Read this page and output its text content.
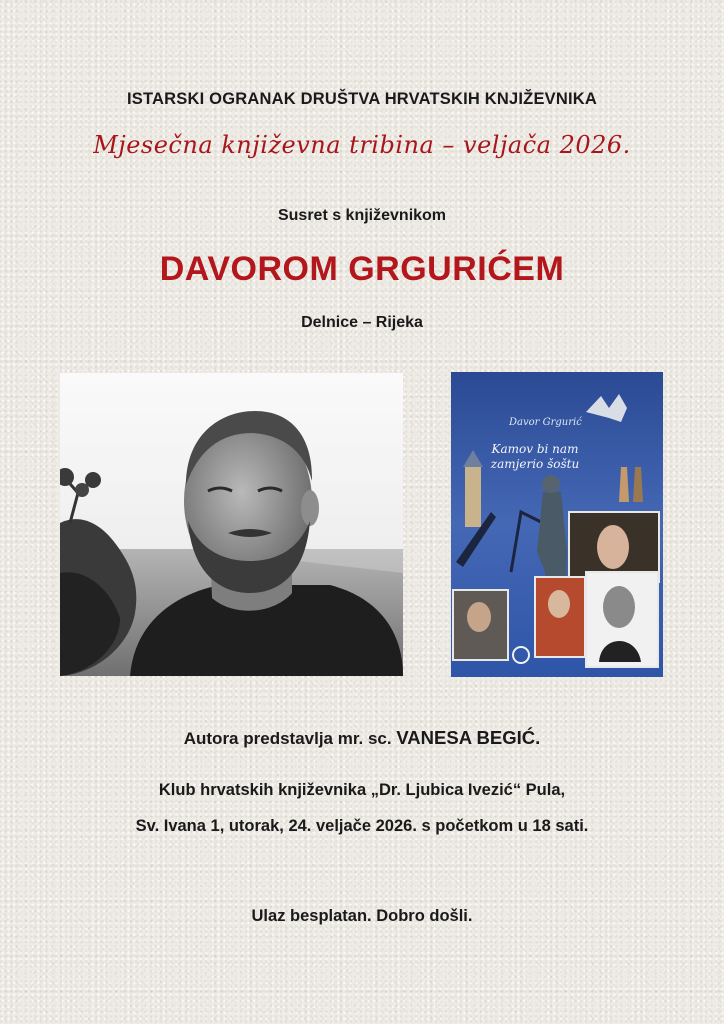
ISTARSKI OGRANAK DRUŠTVA HRVATSKIH KNJIŽEVNIKA
Mjesečna književna tribina – veljača 2026.
Susret s književnikom
DAVOROM GRGURIĆEM
Delnice – Rijeka
Davor Grgurić
Kamov bi nam
zamjerio šoštu
Autora predstavlja mr. sc. VANESA BEGIĆ.
Klub hrvatskih književnika „Dr. Ljubica Ivezić“ Pula,
Sv. Ivana 1, utorak, 24. veljače 2026. s početkom u 18 sati.
Ulaz besplatan. Dobro došli.
